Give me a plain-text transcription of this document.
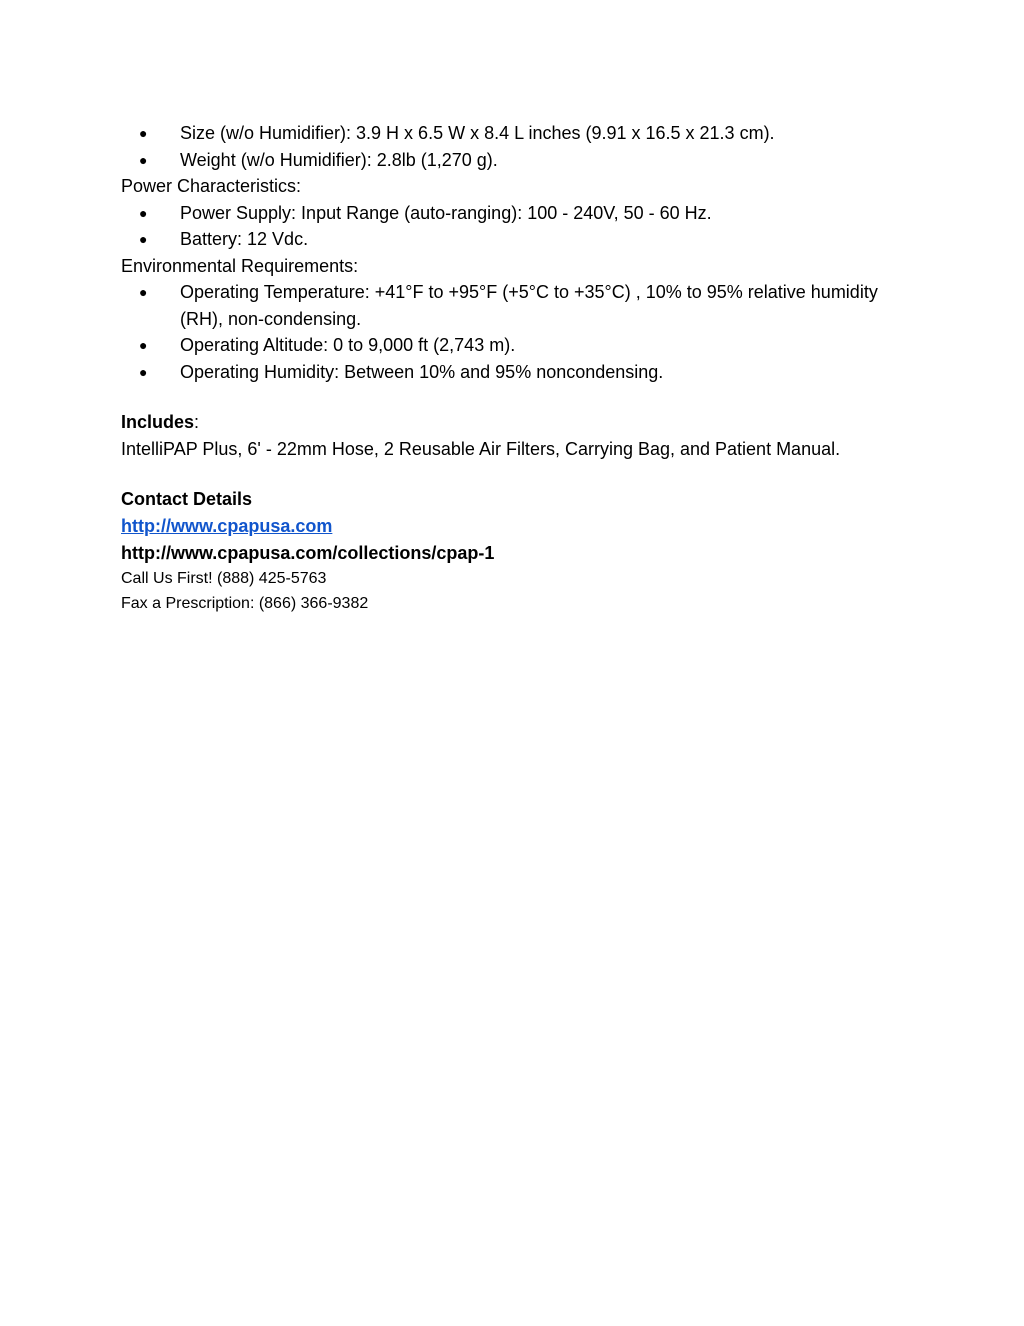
● Size (w/o Humidifier): 3.9 H x 6.5 W x 8.4 L inches (9.91 x 16.5 x 21.3 cm).
● Weight (w/o Humidifier): 2.8lb (1,270 g).
Power Characteristics:
● Power Supply: Input Range (auto-ranging): 100 - 240V, 50 - 60 Hz.
● Battery: 12 Vdc.
Environmental Requirements:
● Operating Temperature: +41°F to +95°F (+5°C to +35°C) , 10% to 95% relative humidity (RH), non-condensing.
● Operating Altitude: 0 to 9,000 ft (2,743 m).
● Operating Humidity: Between 10% and 95% noncondensing.
Includes:
IntelliPAP Plus, 6' - 22mm Hose, 2 Reusable Air Filters, Carrying Bag, and Patient Manual.
Contact Details
http://www.cpapusa.com
http://www.cpapusa.com/collections/cpap-1
Call Us First! (888) 425-5763
Fax a Prescription: (866) 366-9382
